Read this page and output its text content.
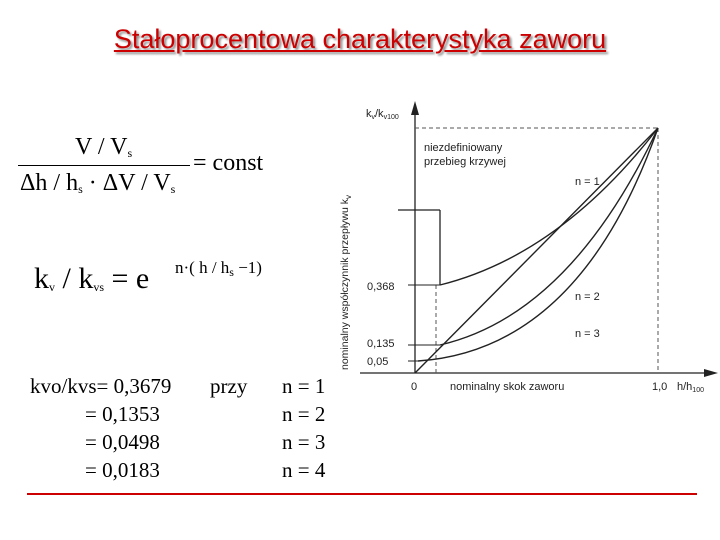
Stałoprocentowa charakterystyka zaworu
V / $V_s$
$\Delta h / h_s \cdot \Delta V / V_s$
= const
$k_v / k_{vs} = e$ n·( $h / h_s -1$)
kvo/kvs= 0,3679 przy n = 1
= 0,1353	n = 2
= 0,0498	n = 3
= 0,0183	n = 4
nominalny współczynnik przepływu $k_v$
kv/kv100
niezdefiniowany
przebieg krzywej
0,368
0,135
0,05
n = 1
n = 2
n = 3
0	nominalny skok zaworu	1,0 h/h100
